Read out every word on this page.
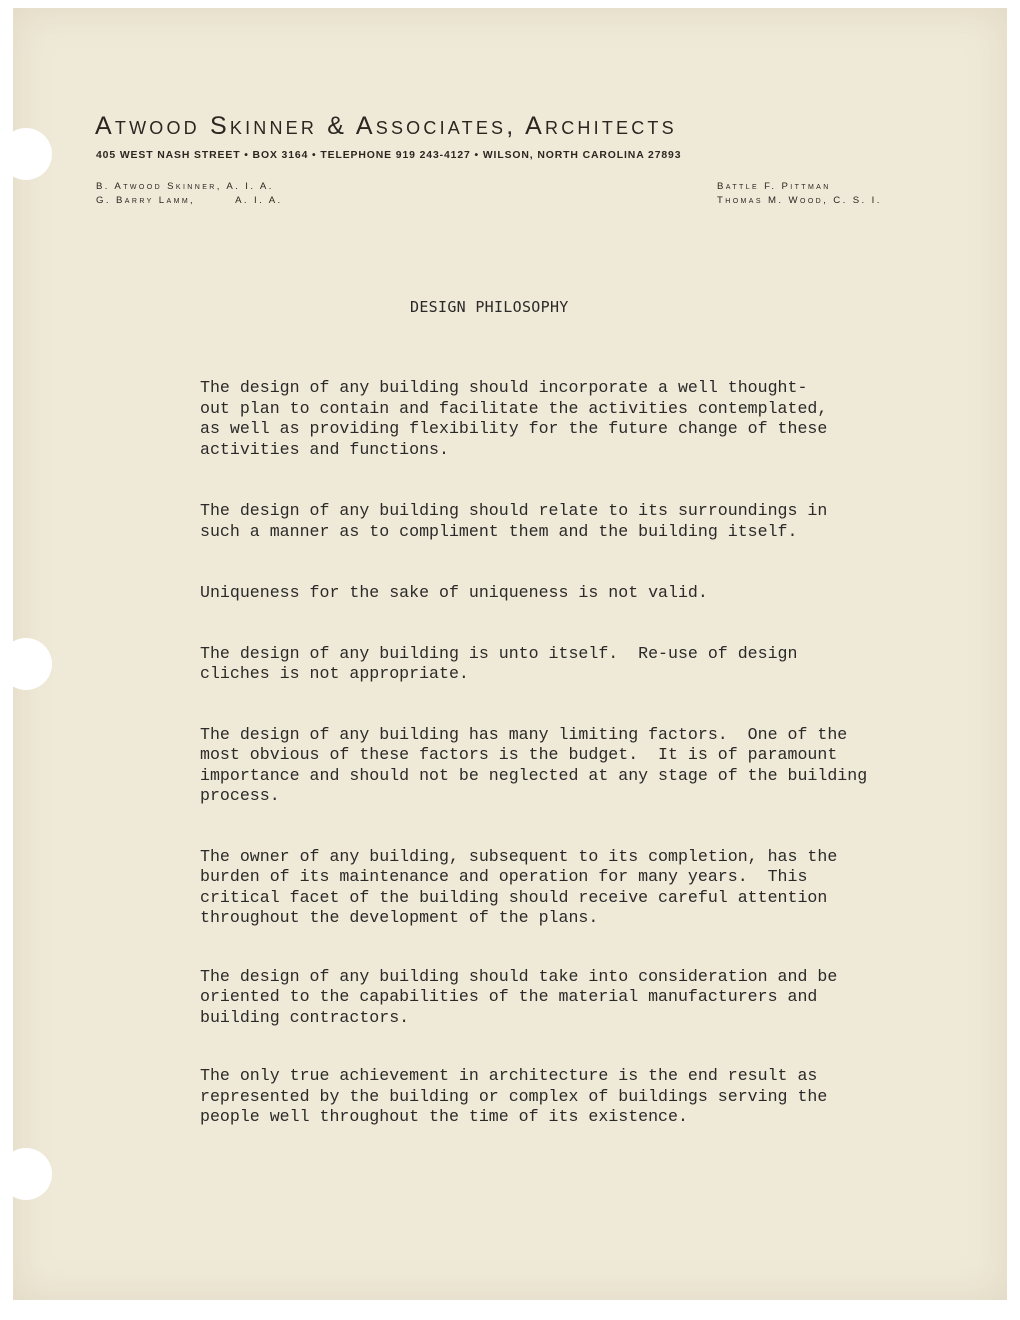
Atwood Skinner & Associates, Architects
405 WEST NASH STREET • BOX 3164 • TELEPHONE 919 243-4127 • WILSON, NORTH CAROLINA 27893
B. Atwood Skinner, A. I. A.
G. Barry Lamm,        A. I. A.
Battle F. Pittman
Thomas M. Wood, C. S. I.
DESIGN PHILOSOPHY

The design of any building should incorporate a well thought-
out plan to contain and facilitate the activities contemplated,
as well as providing flexibility for the future change of these
activities and functions.

The design of any building should relate to its surroundings in
such a manner as to compliment them and the building itself.

Uniqueness for the sake of uniqueness is not valid.

The design of any building is unto itself.  Re-use of design
cliches is not appropriate.

The design of any building has many limiting factors.  One of the
most obvious of these factors is the budget.  It is of paramount
importance and should not be neglected at any stage of the building
process.

The owner of any building, subsequent to its completion, has the
burden of its maintenance and operation for many years.  This
critical facet of the building should receive careful attention
throughout the development of the plans.

The design of any building should take into consideration and be
oriented to the capabilities of the material manufacturers and
building contractors.

The only true achievement in architecture is the end result as
represented by the building or complex of buildings serving the
people well throughout the time of its existence.
